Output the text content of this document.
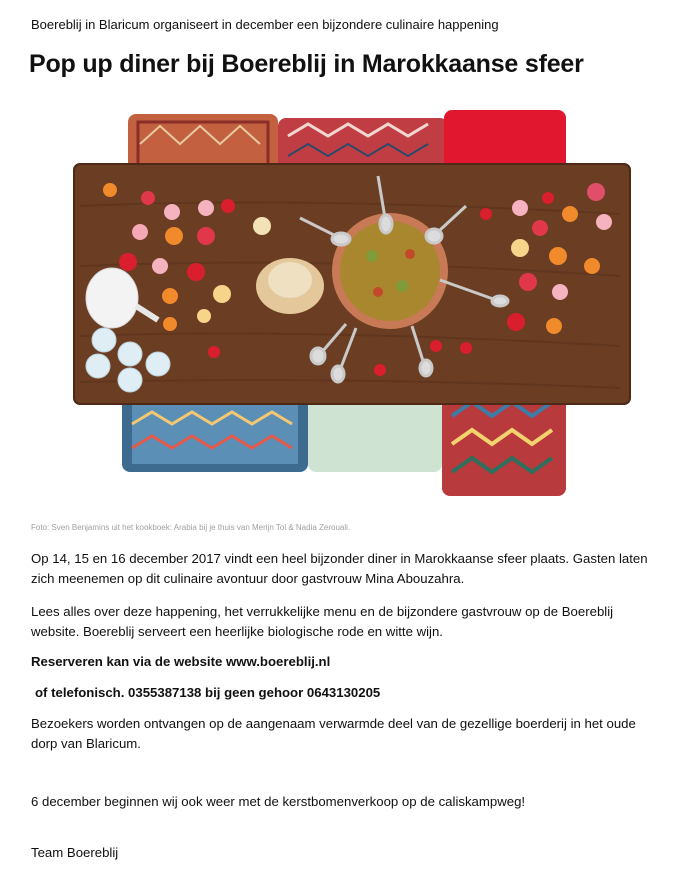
Boereblij in Blaricum organiseert in december een bijzondere culinaire happening
Pop up diner bij Boereblij in Marokkaanse sfeer
Foto: Sven Benjamins uit het kookboek: Arabia bij je thuis van Merijn Tol & Nadia Zerouali.

Op 14, 15 en 16 december 2017 vindt een heel bijzonder diner in Marokkaanse sfeer plaats. Gasten laten zich meenemen op dit culinaire avontuur door gastvrouw Mina Abouzahra.

Lees alles over deze happening, het verrukkelijke menu en de bijzondere gastvrouw op de Boereblij website. Boereblij serveert een heerlijke biologische rode en witte wijn.

Reserveren kan via de website www.boereblij.nl

of telefonisch. 0355387138 bij geen gehoor 0643130205

Bezoekers worden ontvangen op de aangenaam verwarmde deel van de gezellige boerderij in het oude dorp van Blaricum.

6 december beginnen wij ook weer met de kerstbomenverkoop op de caliskampweg!

Team Boereblij
